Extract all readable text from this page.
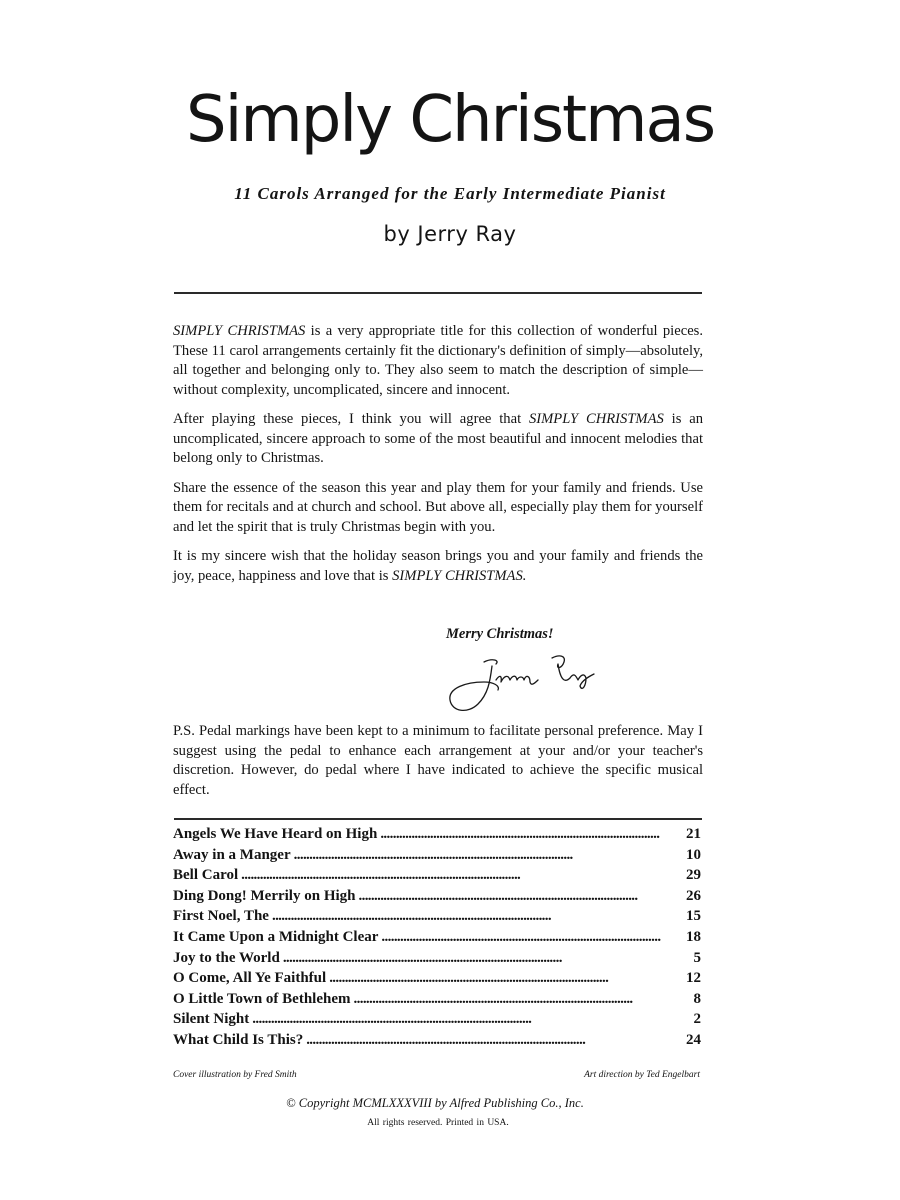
Simply Christmas
11 Carols Arranged for the Early Intermediate Pianist
by Jerry Ray

SIMPLY CHRISTMAS is a very appropriate title for this collection of wonderful pieces. These 11 carol arrangements certainly fit the dictionary's definition of simply—absolutely, all together and belonging only to. They also seem to match the description of simple—without complexity, uncomplicated, sincere and innocent.

After playing these pieces, I think you will agree that SIMPLY CHRISTMAS is an uncomplicated, sincere approach to some of the most beautiful and innocent melodies that belong only to Christmas.

Share the essence of the season this year and play them for your family and friends. Use them for recitals and at church and school. But above all, especially play them for yourself and let the spirit that is truly Christmas begin with you.

It is my sincere wish that the holiday season brings you and your family and friends the joy, peace, happiness and love that is SIMPLY CHRISTMAS.

Merry Christmas!

P.S. Pedal markings have been kept to a minimum to facilitate personal preference. May I suggest using the pedal to enhance each arrangement at your and/or your teacher's discretion. However, do pedal where I have indicated to achieve the specific musical effect.

Angels We Have Heard on High . . .	21
Away in a Manger . . .	10
Bell Carol . . .	29
Ding Dong! Merrily on High . . .	26
First Noel, The . . .	15
It Came Upon a Midnight Clear . . .	18
Joy to the World . . .	5
O Come, All Ye Faithful . . .	12
O Little Town of Bethlehem . . .	8
Silent Night . . .	2
What Child Is This? . . .	24
Cover illustration by Fred Smith	Art direction by Ted Engelbart
© Copyright MCMLXXXVIII by Alfred Publishing Co., Inc.
All rights reserved. Printed in USA.
